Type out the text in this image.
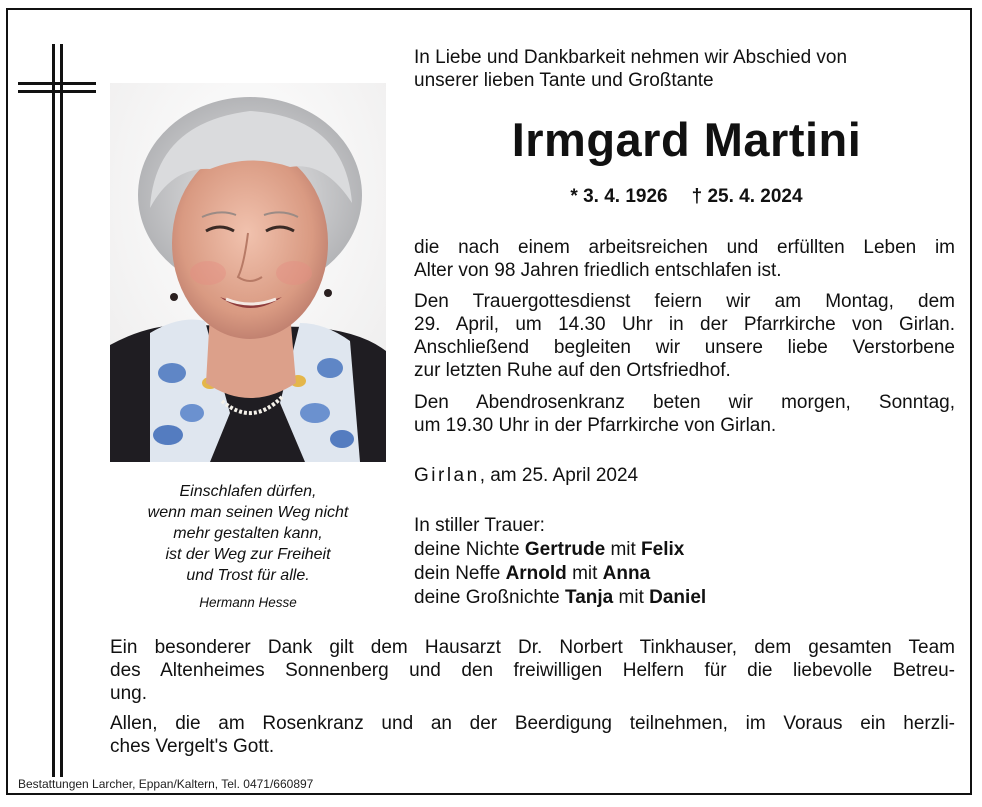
Einschlafen dürfen,
wenn man seinen Weg nicht
mehr gestalten kann,
ist der Weg zur Freiheit
und Trost für alle.
Hermann Hesse
In Liebe und Dankbarkeit nehmen wir Abschied von
unserer lieben Tante und Großtante
Irmgard Martini
* 3. 4. 1926 † 25. 4. 2024
die nach einem arbeitsreichen und erfüllten Leben im
Alter von 98 Jahren friedlich entschlafen ist.
Den Trauergottesdienst feiern wir am Montag, dem
29. April, um 14.30 Uhr in der Pfarrkirche von Girlan.
Anschließend begleiten wir unsere liebe Verstorbene
zur letzten Ruhe auf den Ortsfriedhof.
Den Abendrosenkranz beten wir morgen, Sonntag,
um 19.30 Uhr in der Pfarrkirche von Girlan.
Girlan, am 25. April 2024
In stiller Trauer:
deine Nichte Gertrude mit Felix
dein Neffe Arnold mit Anna
deine Großnichte Tanja mit Daniel
Ein besonderer Dank gilt dem Hausarzt Dr. Norbert Tinkhauser, dem gesamten Team
des Altenheimes Sonnenberg und den freiwilligen Helfern für die liebevolle Betreu-
ung.
Allen, die am Rosenkranz und an der Beerdigung teilnehmen, im Voraus ein herzli-
ches Vergelt's Gott.
Bestattungen Larcher, Eppan/Kaltern, Tel. 0471/660897
